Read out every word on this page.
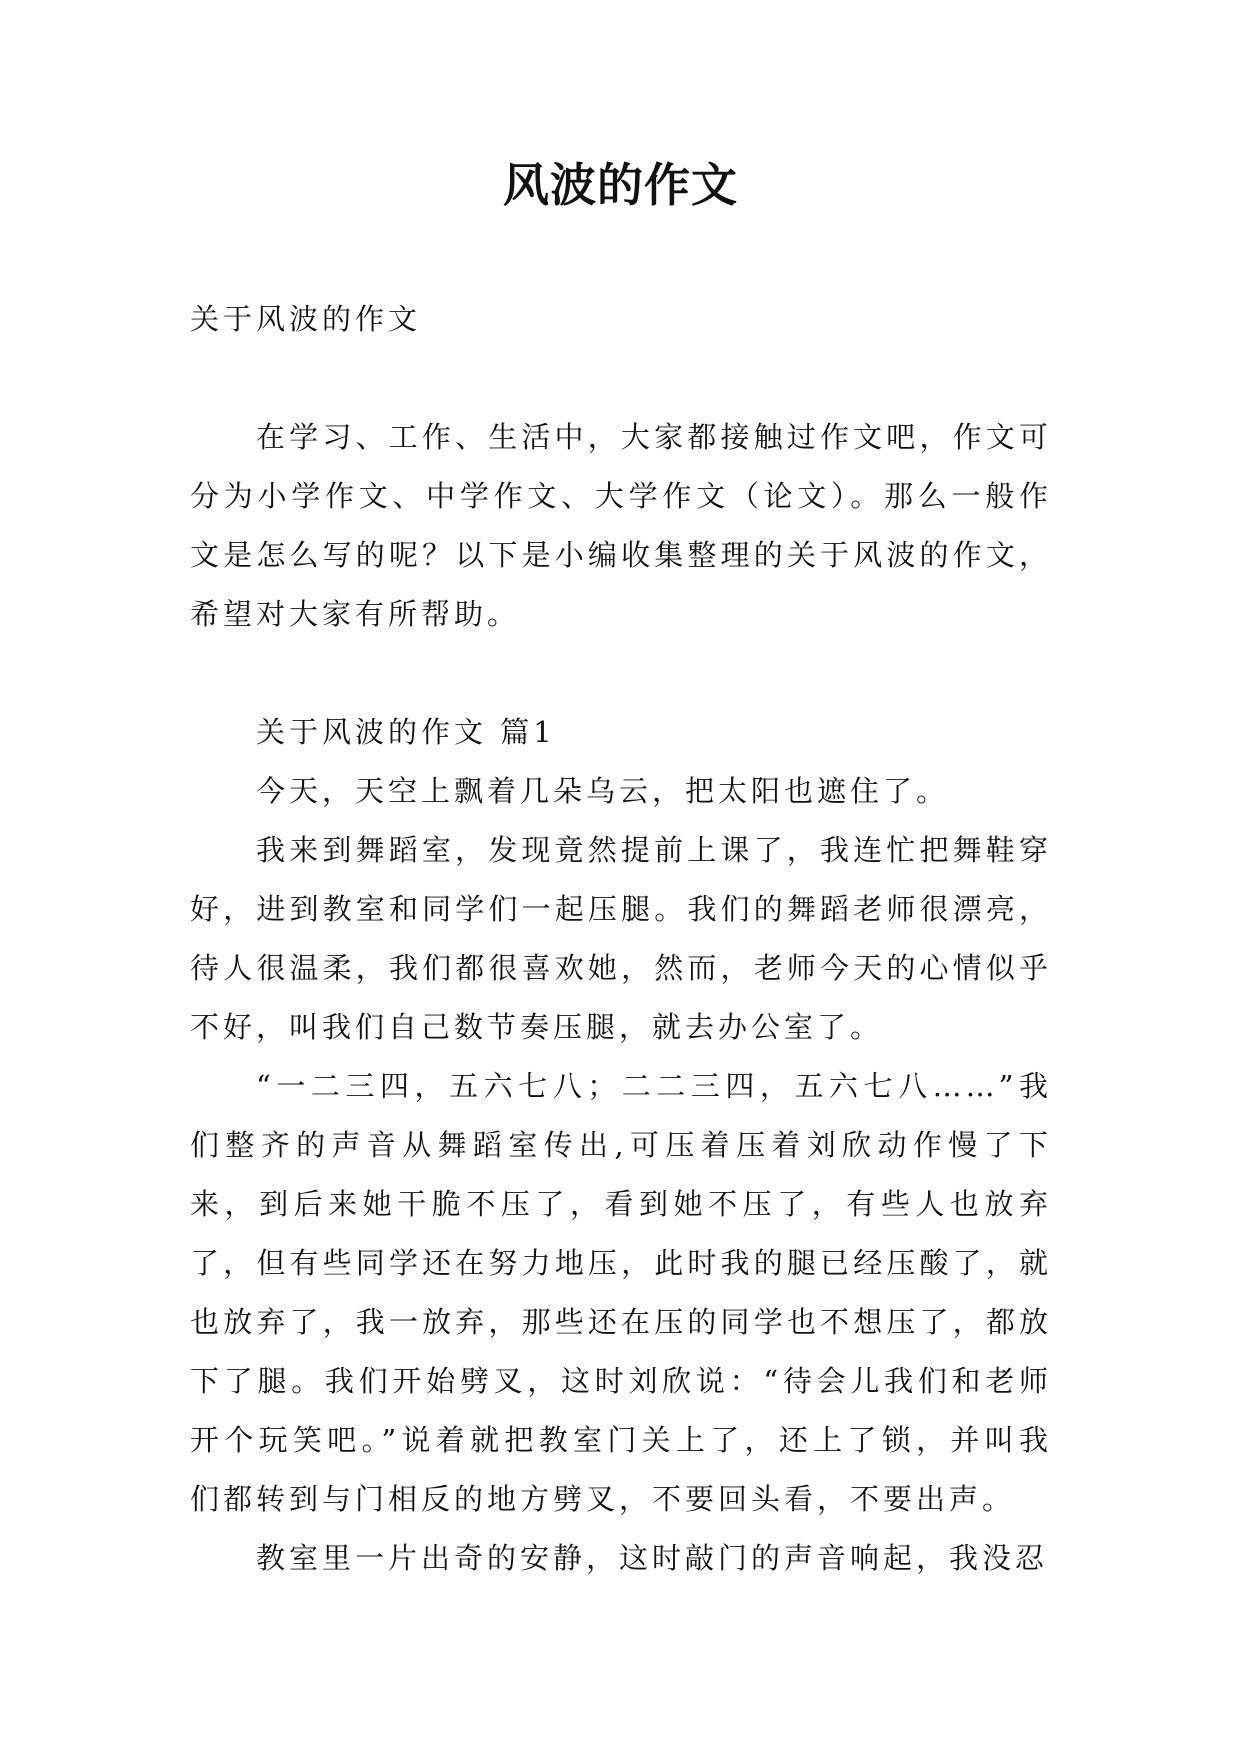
风波的作文

关于风波的作文

在学习、工作、生活中，大家都接触过作文吧，作文可分为小学作文、中学作文、大学作文（论文）。那么一般作文是怎么写的呢？以下是小编收集整理的关于风波的作文，希望对大家有所帮助。

关于风波的作文 篇1

今天，天空上飘着几朵乌云，把太阳也遮住了。

我来到舞蹈室，发现竟然提前上课了，我连忙把舞鞋穿好，进到教室和同学们一起压腿。我们的舞蹈老师很漂亮，待人很温柔，我们都很喜欢她，然而，老师今天的心情似乎不好，叫我们自己数节奏压腿，就去办公室了。

“一二三四，五六七八；二二三四，五六七八……”我们整齐的声音从舞蹈室传出,可压着压着刘欣动作慢了下来，到后来她干脆不压了，看到她不压了，有些人也放弃了，但有些同学还在努力地压，此时我的腿已经压酸了，就也放弃了，我一放弃，那些还在压的同学也不想压了，都放下了腿。我们开始劈叉，这时刘欣说：“待会儿我们和老师开个玩笑吧。”说着就把教室门关上了，还上了锁，并叫我们都转到与门相反的地方劈叉，不要回头看，不要出声。

教室里一片出奇的安静，这时敲门的声音响起，我没忍
